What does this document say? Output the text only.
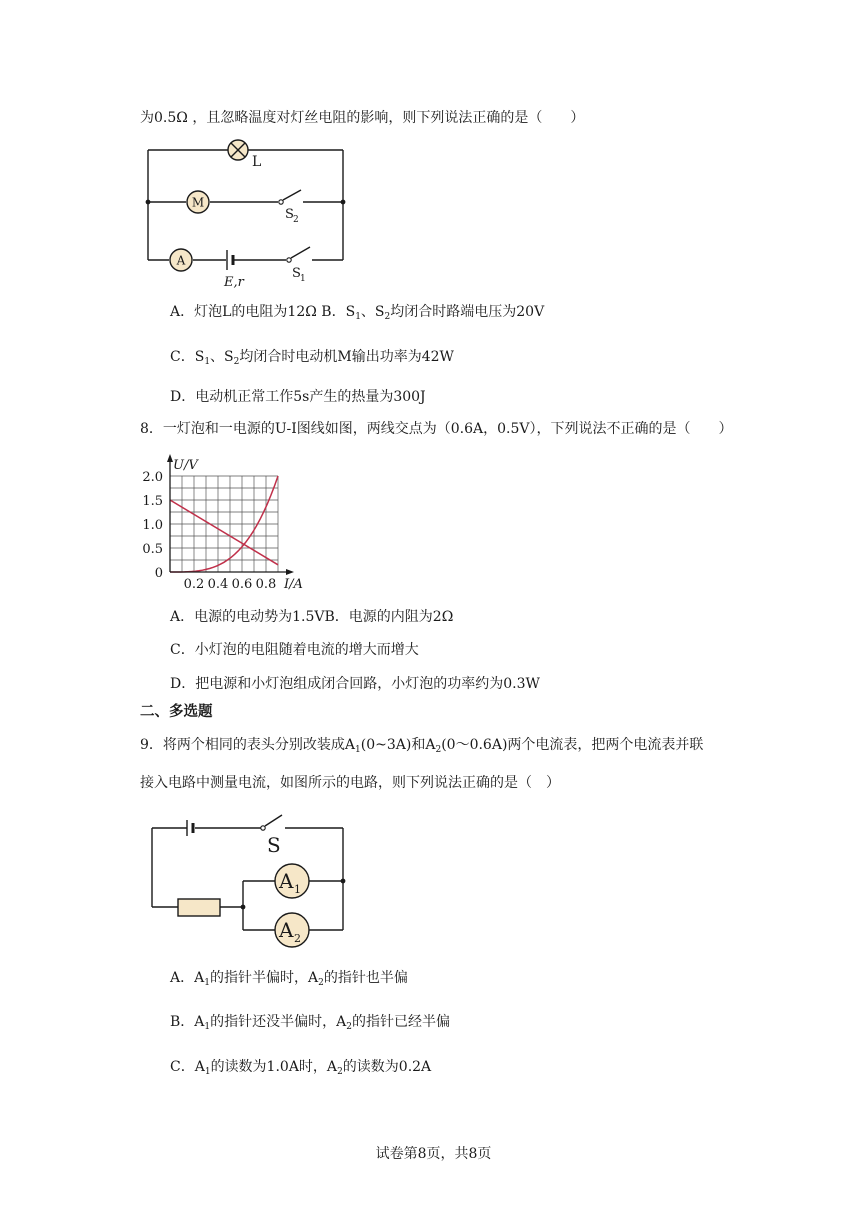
为0.5Ω ，且忽略温度对灯丝电阻的影响，则下列说法正确的是（　　）
L
M
S 2
A
E,r
S 1
A．灯泡L的电阻为12Ω B．$S_1$、$S_2$均闭合时路端电压为20V
C．$S_1$、$S_2$均闭合时电动机M输出功率为42W
D．电动机正常工作5s产生的热量为300J
8．一灯泡和一电源的U-I图线如图，两线交点为（0.6A，0.5V），下列说法不正确的是（　　）
0
0.5
1.0
1.5
2.0
0.2 0.4 0.6 0.8
U/V
I/A
A．电源的电动势为1.5VB．电源的内阻为2Ω
C．小灯泡的电阻随着电流的增大而增大
D．把电源和小灯泡组成闭合回路，小灯泡的功率约为0.3W
二、多选题
9．将两个相同的表头分别改装成$A_1(0\sim 3A)$和$A_2(0\sim 0.6A)$两个电流表，把两个电流表并联
接入电路中测量电流，如图所示的电路，则下列说法正确的是（　）
S
A 1
A 2
A．$A_1$的指针半偏时，$A_2$的指针也半偏
B．$A_1$的指针还没半偏时，$A_2$的指针已经半偏
C．$A_1$的读数为1.0A时，$A_2$的读数为0.2A
试卷第8页，共8页
